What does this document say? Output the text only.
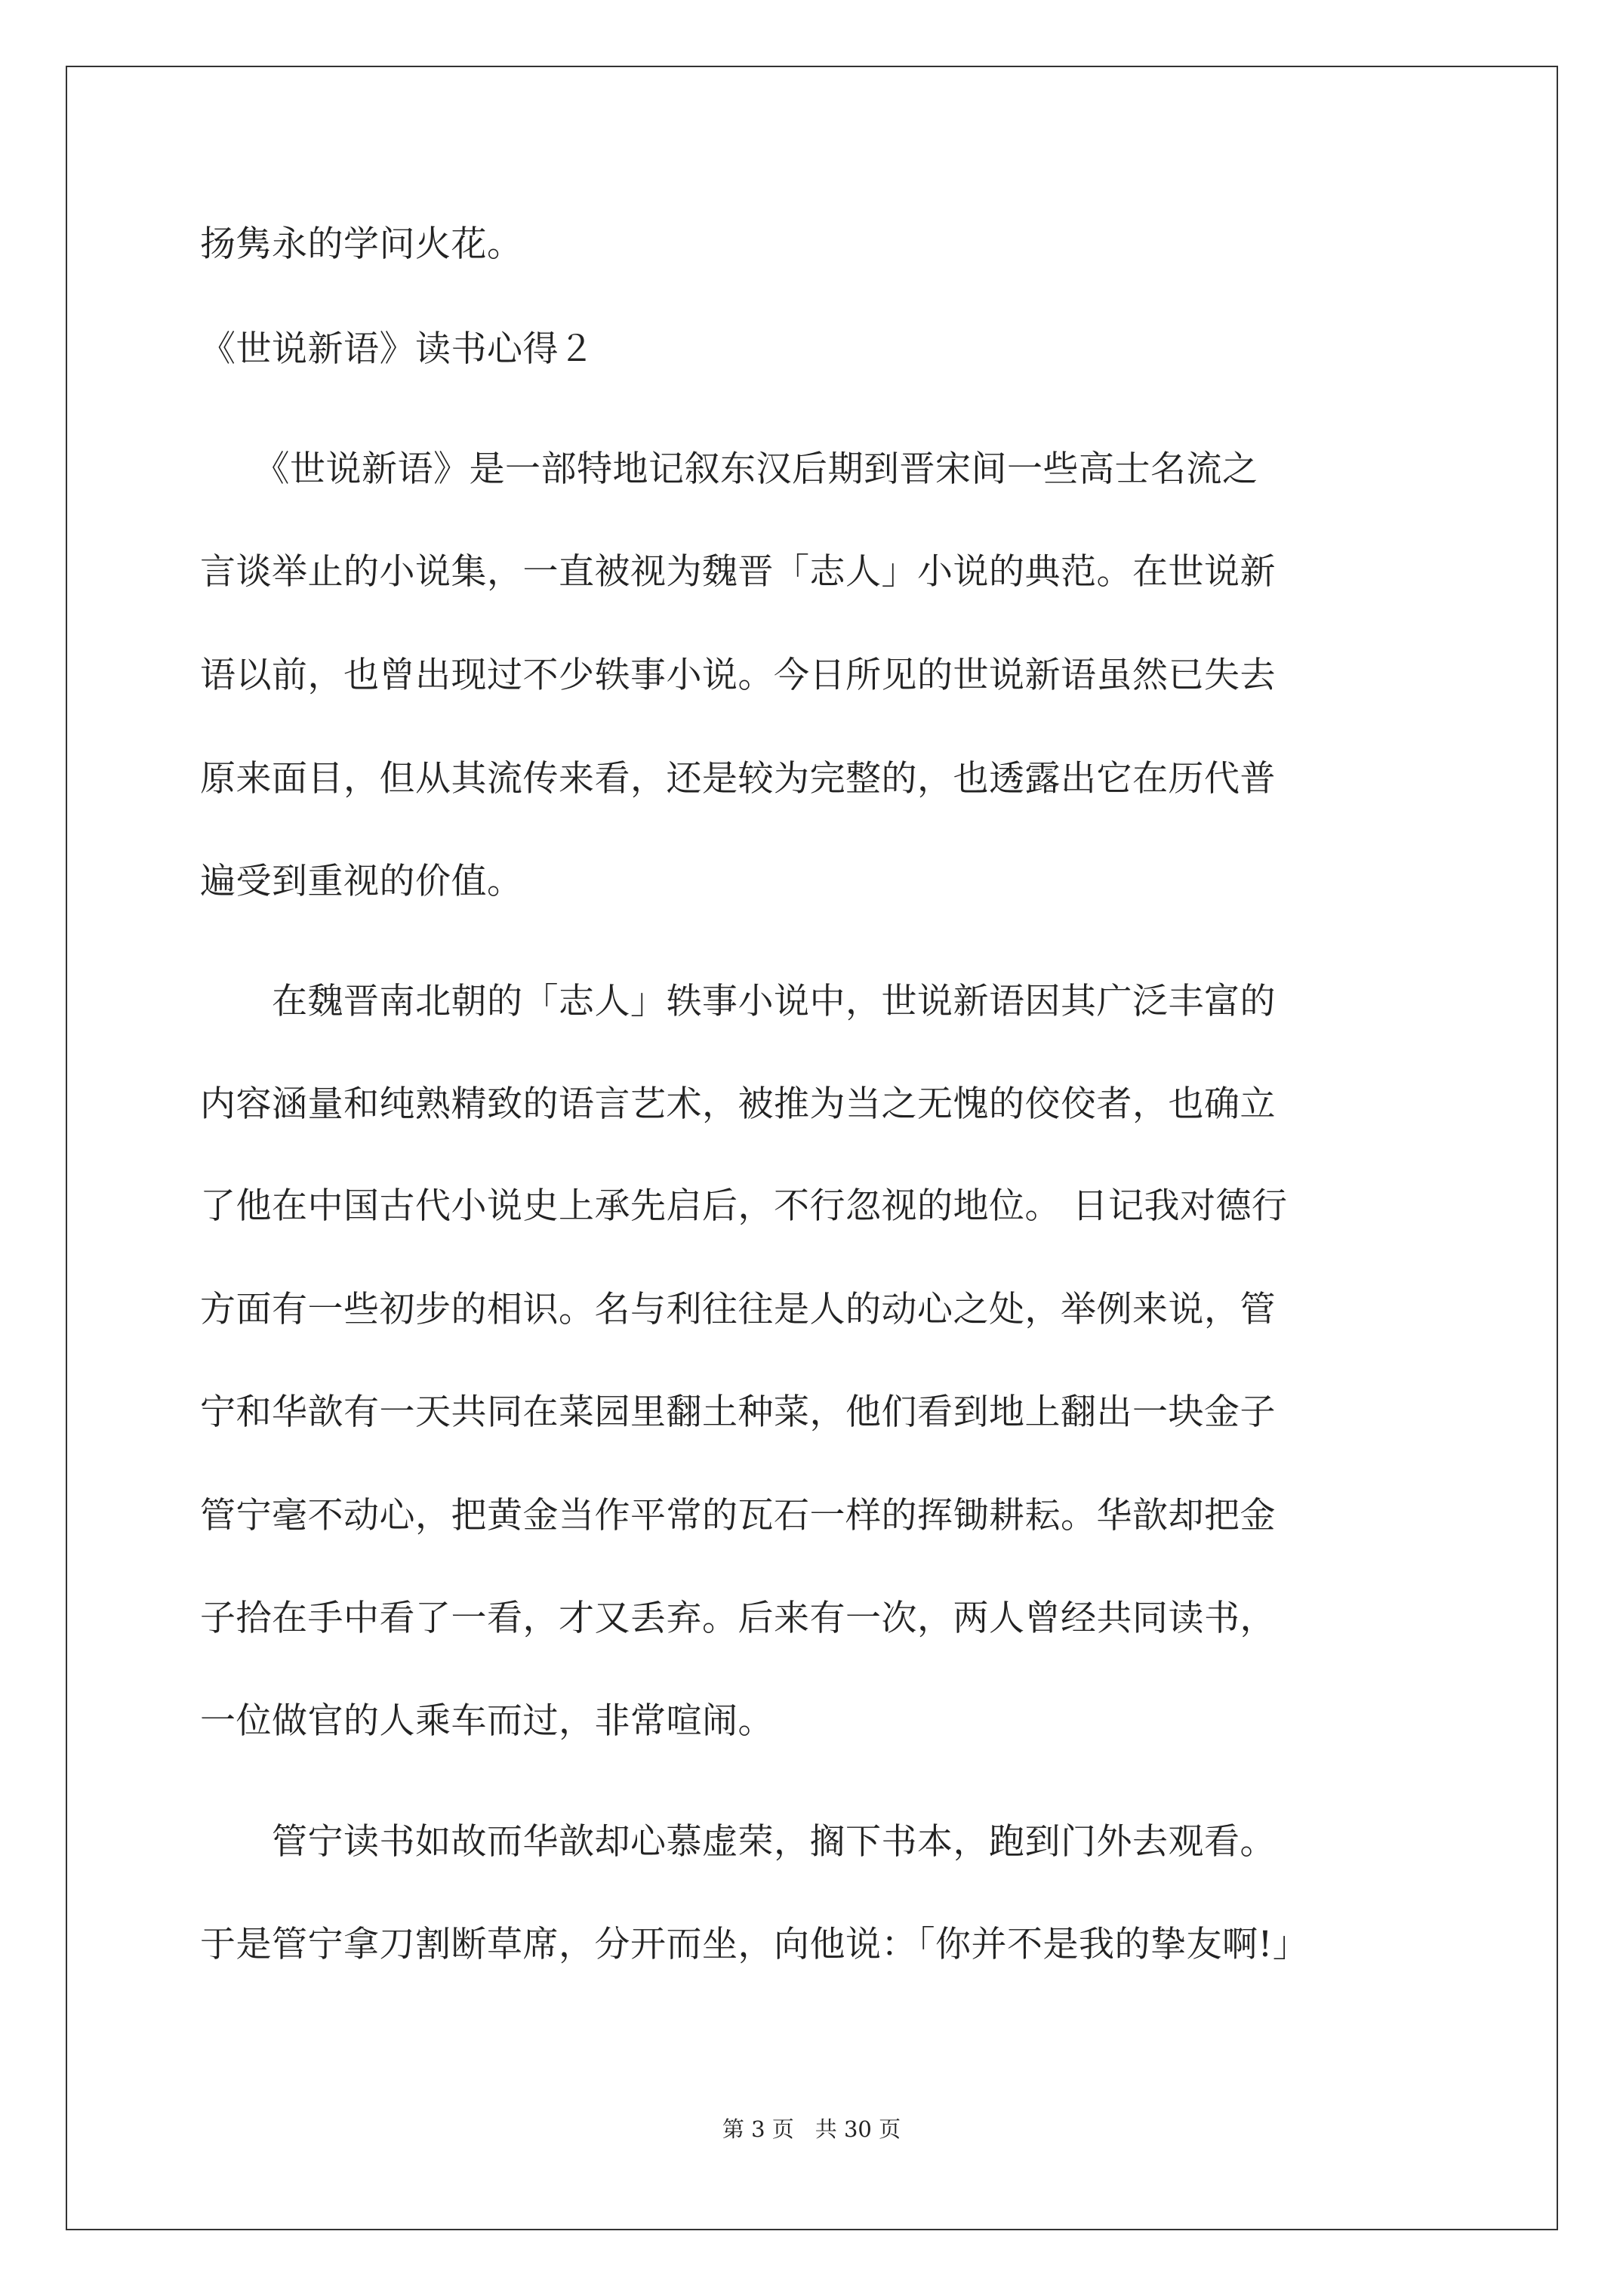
扬隽永的学问火花。
《世说新语》读书心得２
　　《世说新语》是一部特地记叙东汉后期到晋宋间一些高士名流之
言谈举止的小说集，一直被视为魏晋「志人」小说的典范。在世说新
语以前，也曾出现过不少轶事小说。今日所见的世说新语虽然已失去
原来面目，但从其流传来看，还是较为完整的，也透露出它在历代普
遍受到重视的价值。
　　在魏晋南北朝的「志人」轶事小说中，世说新语因其广泛丰富的
内容涵量和纯熟精致的语言艺术，被推为当之无愧的佼佼者，也确立
了他在中国古代小说史上承先启后，不行忽视的地位。 日记我对德行
方面有一些初步的相识。名与利往往是人的动心之处，举例来说，管
宁和华歆有一天共同在菜园里翻土种菜，他们看到地上翻出一块金子
管宁毫不动心，把黄金当作平常的瓦石一样的挥锄耕耘。华歆却把金
子拾在手中看了一看，才又丢弃。后来有一次，两人曾经共同读书，
一位做官的人乘车而过，非常喧闹。
　　管宁读书如故而华歆却心慕虚荣，搁下书本，跑到门外去观看。
于是管宁拿刀割断草席，分开而坐，向他说：「你并不是我的挚友啊!」
第 3 页 共 30 页
